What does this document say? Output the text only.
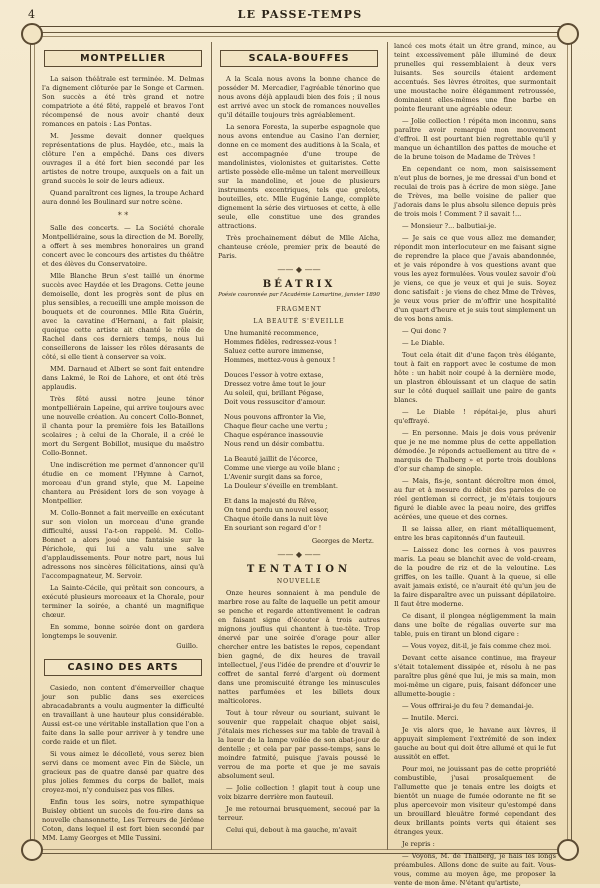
4	LE PASSE-TEMPS
MONTPELLIER

La saison théâtrale est terminée. M. Delmas l'a dignement clôturée par le Songe et Carmen. Son succès a été très grand et notre compatriote a été fêté, rappelé et bravos l'ont récompensé de nous avoir chanté deux romances en patois : Las Pontas.

M. Jessme devait donner quelques représentations de plus. Haydée, etc., mais la clôture l'en a empêché. Dans ces divers ouvrages il a été fort bien secondé par les artistes de notre troupe, auxquels on a fait un grand succès le soir de leurs adieux.

Quand paraîtront ces lignes, la troupe Achard aura donné les Boulinard sur notre scène.

* *

Salle des concerts. — La Société chorale Montpelliéraine, sous la direction de M. Borelly, a offert à ses membres honoraires un grand concert avec le concours des artistes du théâtre et des élèves du Conservatoire.

Mlle Blanche Brun s'est taillé un énorme succès avec Haydée et les Dragons. Cette jeune demoiselle, dont les progrès sont de plus en plus sensibles, a recueilli une ample moisson de bouquets et de couronnes. Mlle Rita Guérin, avec la cavatine d'Hernani, a fait plaisir, quoique cette artiste ait chanté le rôle de Rachel dans ces derniers temps, nous lui conseillerons de laisser les rôles dérasants de côté, si elle tient à conserver sa voix.

MM. Darnaud et Albert se sont fait entendre dans Lakmé, le Roi de Lahore, et ont été très applaudis.

Très fêté aussi notre jeune ténor montpelliérain Lapeine, qui arrive toujours avec une nouvelle création. Au concert Collo-Bonnet, il chanta pour la première fois les Bataillons scolaires ; à celui de la Chorale, il a créé le mort du Sergent Bobillot, musique du maëstro Collo-Bonnet.

Une indiscrétion me permet d'annoncer qu'il étudie en ce moment l'Hymne à Carnot, morceau d'un grand style, que M. Lapeine chantera au Président lors de son voyage à Montpellier.

M. Collo-Bonnet a fait merveille en exécutant sur son violon un morceau d'une grande difficulté, aussi l'a-t-on rappelé. M. Collo-Bonnet a alors joué une fantaisie sur la Périchole, qui lui a valu une salve d'applaudissements. Pour notre part, nous lui adressons nos sincères félicitations, ainsi qu'à l'accompagnateur, M. Servoir.

La Sainte-Cécile, qui prêtait son concours, a exécuté plusieurs morceaux et la Chorale, pour terminer la soirée, a chanté un magnifique chœur.

En somme, bonne soirée dont on gardera longtemps le souvenir.

Guillo.
CASINO DES ARTS

Casiedo, non content d'émerveiller chaque jour son public dans ses exercices abracadabrants a voulu augmenter la difficulté en travaillant à une hauteur plus considérable. Aussi est-ce une véritable installation que l'on a faite dans la salle pour arriver à y tendre une corde raide et un filet.

Si vous aimez le décolleté, vous serez bien servi dans ce moment avec Fin de Siècle, un gracieux pas de quatre dansé par quatre des plus jolies femmes du corps de ballet, mais croyez-moi, n'y conduisez pas vos filles.

Enfin tous les soirs, notre sympathique Buisley obtient un succès de fou-rire dans sa nouvelle chansonnette, Les Terreurs de Jérôme Coton, dans lequel il est fort bien secondé par MM. Lamy Georges et Mlle Tussini.

SCALA-BOUFFES

A la Scala nous avons la bonne chance de posséder M. Mercadier, l'agréable ténorino que nous avons déjà applaudi bien des fois ; il nous est arrivé avec un stock de romances nouvelles qu'il détaille toujours très agréablement.

La senora Foresta, la superbe espagnole que nous avons entendue au Casino l'an dernier, donne en ce moment des auditions à la Scala, et est accompagnée d'une troupe de mandolinistes, violonistes et guitaristes. Cette artiste possède elle-même un talent merveilleux sur la mandoline, et joue de plusieurs instruments excentriques, tels que grelots, bouteilles, etc. Mlle Eugénie Lange, complète dignement la série des virtuoses et cette, à elle seule, elle constitue une des grandes attractions.

Très prochainement début de Mlle Aïcha, chanteuse créole, premier prix de beauté de Paris.

—— ◆ ——
BÉATRIX
Poésie couronnée par l'Académie Lamartine, janvier 1890
FRAGMENT
LA BEAUTÉ S'ÉVEILLE
Une humanité recommence,
Hommes fidèles, redressez-vous !
Saluez cette aurore immense,
Hommes, mettez-vous à genoux !
Douces l'essor à votre extase,
Dressez votre âme tout le jour
Au soleil, qui, brillant Pégase,
Doit vous ressuscitor d'amour.
Nous pouvons affronter la Vie,
Chaque fleur cache une vertu ;
Chaque espérance inassouvie
Nous rend un désir combattu.
La Beauté jaillit de l'écorce,
Comme une vierge au voile blanc ;
L'Avenir surgit dans sa force,
La Douleur s'éveille en tremblant.
Et dans la majesté du Rêve,
On tend perdu un nouvel essor,
Chaque étoile dans la nuit lève
En souriant son regard d'or !
Georges de Mertz.
—— ◆ ——
TENTATION
NOUVELLE

Onze heures sonnaient à ma pendule de marbre rose au faîte de laquelle un petit amour se penche et regarde attentivement le cadran en faisant signe d'écouter à trois autres mignons jouflus qui chantent à tue-tête. Trop énervé par une soirée d'orage pour aller chercher entre les batistes le repos, cependant bien gagné, de dix heures de travail intellectuel, j'eus l'idée de prendre et d'ouvrir le coffret de santal ferré d'argent où dorment dans une promiscuité étrange les minuscules nattes parfumées et les billets doux malticolores.

Tout à tour rêveur ou souriant, suivant le souvenir que rappelait chaque objet saisi, j'étalais mes richesses sur ma table de travail à la lueur de la lampe voilée de son abat-jour de dentelle ; et cela par par passe-temps, sans le moindre fatmité, puisque j'avais poussé le verrou de ma porte et que je me savais absolument seul.

— Jolie collection ! glapit tout à coup une voix bizarre derrière mon fauteuil.

Je me retournai brusquement, secoué par la terreur.

Celui qui, debout à ma gauche, m'avait

lancé ces mots était un être grand, mince, au teint excessivement pâle illuminé de deux prunelles qui ressemblaient à deux vers luisants. Ses sourcils étaient ardement accentués. Ses lèvres étroites, que surmontait une moustache noire élégamment retroussée, dominaient elles-mêmes une fine barbe en pointe fleurant une agréable odeur.

— Jolie collection ! répéta mon inconnu, sans paraître avoir remarqué mon mouvement d'effroi. Il est pourtant bien regrettable qu'il y manque un échantillon des pattes de mouche et de la brune toison de Madame de Trèves !

En cependant ce nom, mon saisissement n'eut plus de bornes, je me dressai d'un bond et reculai de trois pas à écrire de mon siège. Jane de Trèves, ma belle voisine de palier que j'adorais dans le plus absolu silence depuis près de trois mois ! Comment ? il savait !...

— Monsieur ?... balbutiai-je.

— Je sais ce que vous allez me demander, répondit mon interlocuteur en me faisant signe de reprendre la place que j'avais abandonnée, et je vais répondre à vos questions avant que vous les ayez formulées. Vous voulez savoir d'où je viens, ce que je veux et qui je suis. Soyez donc satisfait : je viens de chez Mme de Trèves, je veux vous prier de m'offrir une hospitalité d'un quart d'heure et je suis tout simplement un de vos bons amis.

— Qui donc ?

— Le Diable.

Tout cela était dit d'une façon très élégante, tout à fait en rapport avec le costume de mon hôte : un habit noir coupé à la dernière mode, un plastron éblouissant et un claque de satin sur le côté duquel saillait une paire de gants blancs.

— Le Diable ! répétai-je, plus ahuri qu'effrayé.

— En personne. Mais je dois vous prévenir que je ne me nomme plus de cette appellation démodée. Je réponds actuellement au titre de « marquis de Thalberg » et porte trois doublons d'or sur champ de sinople.

— Mais, fis-je, sontant décroître mon émoi, au fur et à mesure du débit des paroles de ce réel gentleman si correct, je m'étais toujours figuré le diable avec la peau noire, des griffes acérées, une queue et des cornes.

Il se laissa aller, en riant métalliquement, entre les bras capitonnés d'un fauteuil.

— Laissez donc les cornes à vos pauvres maris. La peau se blanchit avec de vold-cream, de la poudre de riz et de la veloutine. Les griffes, on les taille. Quant à la queue, si elle avait jamais existé, ce n'aurait été qu'un jeu de la faire disparaître avec un puissant dépilatoire. Il faut être moderne.

Ce disant, il plongea négligemment la main dans une boîte de régalias ouverte sur ma table, puis en tirant un blond cigare :

— Vous voyez, dit-il, je fais comme chez moi.

Devant cette aisance continue, ma frayeur s'était totalement dissipée et, résolu à ne pas paraître plus gêné que lui, je mis sa main, mon moi-même un cigare, puis, faisant défoncer une allumette-bougie :

— Vous offrirai-je du feu ? demandai-je.

— Inutile. Merci.

Je vis alors que, le havane aux lèvres, il appuyait simplement l'extrémité de son index gauche au bout qui doit être allumé et qui le fut aussitôt en effet.

Pour moi, ne jouissant pas de cette propriété combustible, j'usai prosaïquement de l'allumette que je tenais entre les doigts et bientôt un nuage de fumée odorante ne fit se plus apercevoir mon visiteur qu'estompé dans un brouillard bleuâtre formé cependant des deux brillants points verts qui étaient ses étranges yeux.

Je repris :

— Voyons, M. de Thalberg, je hais les longs préambules. Allons donc de suite au fait. Vous-vous, comme au moyen âge, me proposer la vente de mon âme. N'étant qu'artiste,
